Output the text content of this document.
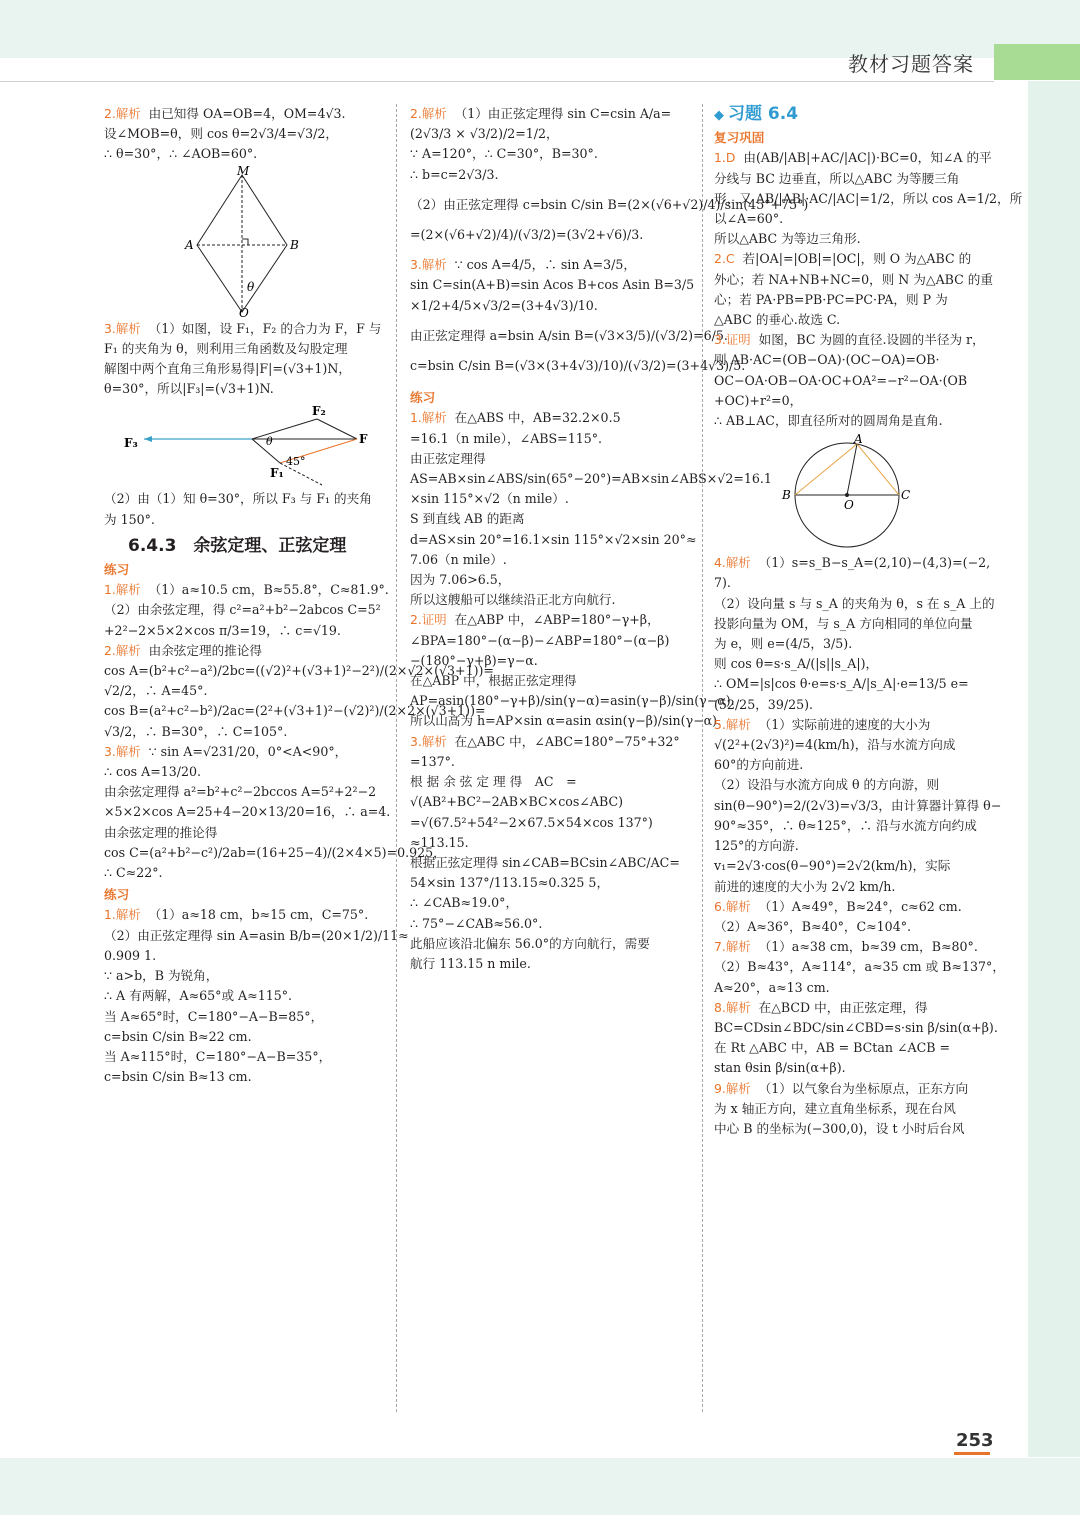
教材习题答案

2.解析 由已知得 OA=OB=4，OM=4√3.

设∠MOB=θ，则 cos θ=2√3/4=√3/2，

∴ θ=30°，∴ ∠AOB=60°.

M
A	B
O
θ

3.解析 （1）如图，设 F₁，F₂ 的合力为 F，F 与

F₁ 的夹角为 θ，则利用三角函数及勾股定理

解图中两个直角三角形易得|F|=(√3+1)N，

θ=30°，所以|F₃|=(√3+1)N.

F₃
F₂
F
F₁
θ
45°

（2）由（1）知 θ=30°，所以 F₃ 与 F₁ 的夹角

为 150°.

6.4.3　余弦定理、正弦定理
练习

1.解析 （1）a≈10.5 cm，B≈55.8°，C≈81.9°.

（2）由余弦定理，得 c²=a²+b²−2abcos C=5²

+2²−2×5×2×cos π/3=19，∴ c=√19.

2.解析 由余弦定理的推论得

cos A=(b²+c²−a²)/2bc=((√2)²+(√3+1)²−2²)/(2×√2×(√3+1))=

√2/2，∴ A=45°.

cos B=(a²+c²−b²)/2ac=(2²+(√3+1)²−(√2)²)/(2×2×(√3+1))=

√3/2，∴ B=30°，∴ C=105°.

3.解析 ∵ sin A=√231/20，0°<A<90°，

∴ cos A=13/20.

由余弦定理得 a²=b²+c²−2bccos A=5²+2²−2

×5×2×cos A=25+4−20×13/20=16，∴ a=4.

由余弦定理的推论得

cos C=(a²+b²−c²)/2ab=(16+25−4)/(2×4×5)=0.925，

∴ C≈22°.

练习

1.解析 （1）a≈18 cm，b≈15 cm，C=75°.

（2）由正弦定理得 sin A=asin B/b=(20×1/2)/11≈

0.909 1.

∵ a>b，B 为锐角，

∴ A 有两解，A≈65°或 A≈115°.

当 A≈65°时，C=180°−A−B=85°，

c=bsin C/sin B≈22 cm.

当 A≈115°时，C=180°−A−B=35°，

c=bsin C/sin B≈13 cm.

2.解析 （1）由正弦定理得 sin C=csin A/a=

(2√3/3 × √3/2)/2=1/2，

∵ A=120°，∴ C=30°，B=30°.

∴ b=c=2√3/3.

（2）由正弦定理得 c=bsin C/sin B=(2×(√6+√2)/4)/sin(45°+75°)

=(2×(√6+√2)/4)/(√3/2)=(3√2+√6)/3.

3.解析 ∵ cos A=4/5，∴ sin A=3/5，

sin C=sin(A+B)=sin Acos B+cos Asin B=3/5

×1/2+4/5×√3/2=(3+4√3)/10.

由正弦定理得 a=bsin A/sin B=(√3×3/5)/(√3/2)=6/5.

c=bsin C/sin B=(√3×(3+4√3)/10)/(√3/2)=(3+4√3)/5.

练习

1.解析 在△ABS 中，AB=32.2×0.5

=16.1（n mile），∠ABS=115°.

由正弦定理得

AS=AB×sin∠ABS/sin(65°−20°)=AB×sin∠ABS×√2=16.1

×sin 115°×√2（n mile）.

S 到直线 AB 的距离

d=AS×sin 20°=16.1×sin 115°×√2×sin 20°≈

7.06（n mile）.

因为 7.06>6.5，

所以这艘船可以继续沿正北方向航行.

2.证明 在△ABP 中，∠ABP=180°−γ+β，

∠BPA=180°−(α−β)−∠ABP=180°−(α−β)

−(180°−γ+β)=γ−α.

在△ABP 中，根据正弦定理得

AP=asin(180°−γ+β)/sin(γ−α)=asin(γ−β)/sin(γ−α).

所以山高为 h=AP×sin α=asin αsin(γ−β)/sin(γ−α).

3.解析 在△ABC 中，∠ABC=180°−75°+32°

=137°.

根 据 余 弦 定 理 得　AC　=

√(AB²+BC²−2AB×BC×cos∠ABC)

=√(67.5²+54²−2×67.5×54×cos 137°)

≈113.15.

根据正弦定理得 sin∠CAB=BCsin∠ABC/AC=

54×sin 137°/113.15≈0.325 5，

∴ ∠CAB≈19.0°，

∴ 75°−∠CAB≈56.0°.

此船应该沿北偏东 56.0°的方向航行，需要

航行 113.15 n mile.

◆ 习题 6.4
复习巩固

1.D 由(AB/|AB|+AC/|AC|)·BC=0，知∠A 的平

分线与 BC 边垂直，所以△ABC 为等腰三角

形，又 AB/|AB|·AC/|AC|=1/2，所以 cos A=1/2，所

以∠A=60°.

所以△ABC 为等边三角形.

2.C 若|OA|=|OB|=|OC|，则 O 为△ABC 的

外心；若 NA+NB+NC=0，则 N 为△ABC 的重

心；若 PA·PB=PB·PC=PC·PA，则 P 为

△ABC 的垂心.故选 C.

3.证明 如图，BC 为圆的直径.设圆的半径为 r，

则 AB·AC=(OB−OA)·(OC−OA)=OB·

OC−OA·OB−OA·OC+OA²=−r²−OA·(OB

+OC)+r²=0，

∴ AB⊥AC，即直径所对的圆周角是直角.

A
B	C
O

4.解析 （1）s=s_B−s_A=(2,10)−(4,3)=(−2,

7).

（2）设向量 s 与 s_A 的夹角为 θ，s 在 s_A 上的

投影向量为 OM，与 s_A 方向相同的单位向量

为 e，则 e=(4/5，3/5).

则 cos θ=s·s_A/(|s||s_A|)，

∴ OM=|s|cos θ·e=s·s_A/|s_A|·e=13/5 e=

(52/25，39/25).

5.解析 （1）实际前进的速度的大小为

√(2²+(2√3)²)=4(km/h)，沿与水流方向成

60°的方向前进.

（2）设沿与水流方向成 θ 的方向游，则

sin(θ−90°)=2/(2√3)=√3/3，由计算器计算得 θ−

90°≈35°，∴ θ≈125°，∴ 沿与水流方向约成

125°的方向游.

v₁=2√3·cos(θ−90°)=2√2(km/h)，实际

前进的速度的大小为 2√2 km/h.

6.解析 （1）A≈49°，B≈24°，c≈62 cm.

（2）A≈36°，B≈40°，C≈104°.

7.解析 （1）a≈38 cm，b≈39 cm，B≈80°.

（2）B≈43°，A≈114°，a≈35 cm 或 B≈137°，

A≈20°，a≈13 cm.

8.解析 在△BCD 中，由正弦定理，得

BC=CDsin∠BDC/sin∠CBD=s·sin β/sin(α+β).

在 Rt △ABC 中，AB = BCtan ∠ACB =

stan θsin β/sin(α+β).

9.解析 （1）以气象台为坐标原点，正东方向

为 x 轴正方向，建立直角坐标系，现在台风

中心 B 的坐标为(−300,0)，设 t 小时后台风

253
